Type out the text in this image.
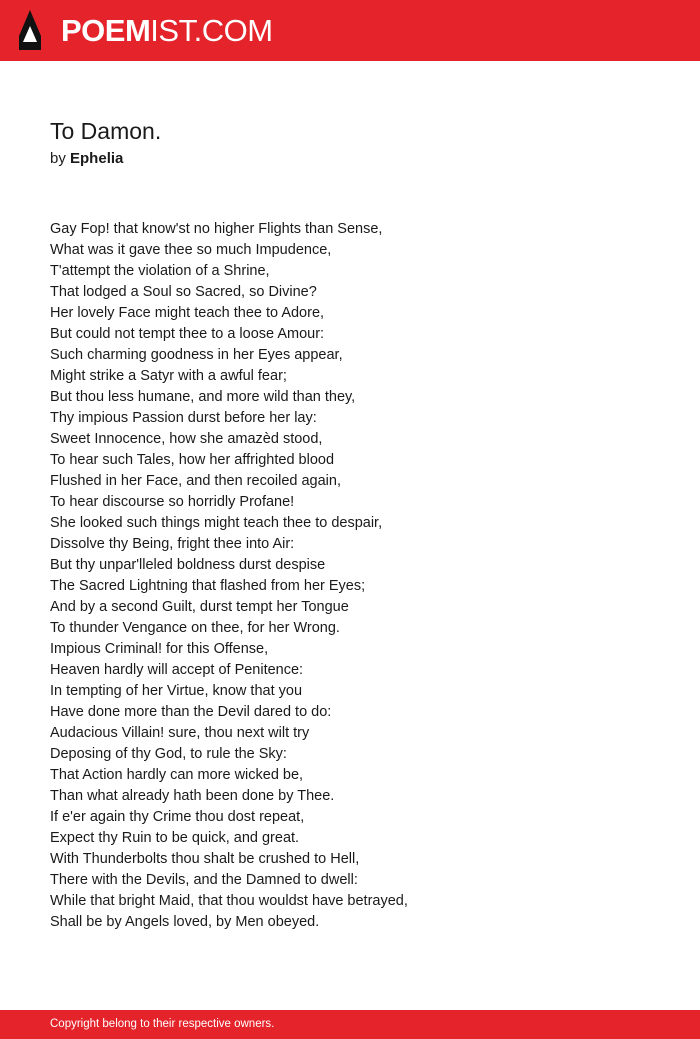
POEMIST.COM
To Damon.
by Ephelia
Gay Fop! that know'st no higher Flights than Sense,
What was it gave thee so much Impudence,
T'attempt the violation of a Shrine,
That lodged a Soul so Sacred, so Divine?
Her lovely Face might teach thee to Adore,
But could not tempt thee to a loose Amour:
Such charming goodness in her Eyes appear,
Might strike a Satyr with a awful fear;
But thou less humane, and more wild than they,
Thy impious Passion durst before her lay:
Sweet Innocence, how she amazèd stood,
To hear such Tales, how her affrighted blood
Flushed in her Face, and then recoiled again,
To hear discourse so horridly Profane!
She looked such things might teach thee to despair,
Dissolve thy Being, fright thee into Air:
But thy unpar'lleled boldness durst despise
The Sacred Lightning that flashed from her Eyes;
And by a second Guilt, durst tempt her Tongue
To thunder Vengance on thee, for her Wrong.
Impious Criminal! for this Offense,
Heaven hardly will accept of Penitence:
In tempting of her Virtue, know that you
Have done more than the Devil dared to do:
Audacious Villain! sure, thou next wilt try
Deposing of thy God, to rule the Sky:
That Action hardly can more wicked be,
Than what already hath been done by Thee.
If e'er again thy Crime thou dost repeat,
Expect thy Ruin to be quick, and great.
With Thunderbolts thou shalt be crushed to Hell,
There with the Devils, and the Damned to dwell:
While that bright Maid, that thou wouldst have betrayed,
Shall be by Angels loved, by Men obeyed.
Copyright belong to their respective owners.
